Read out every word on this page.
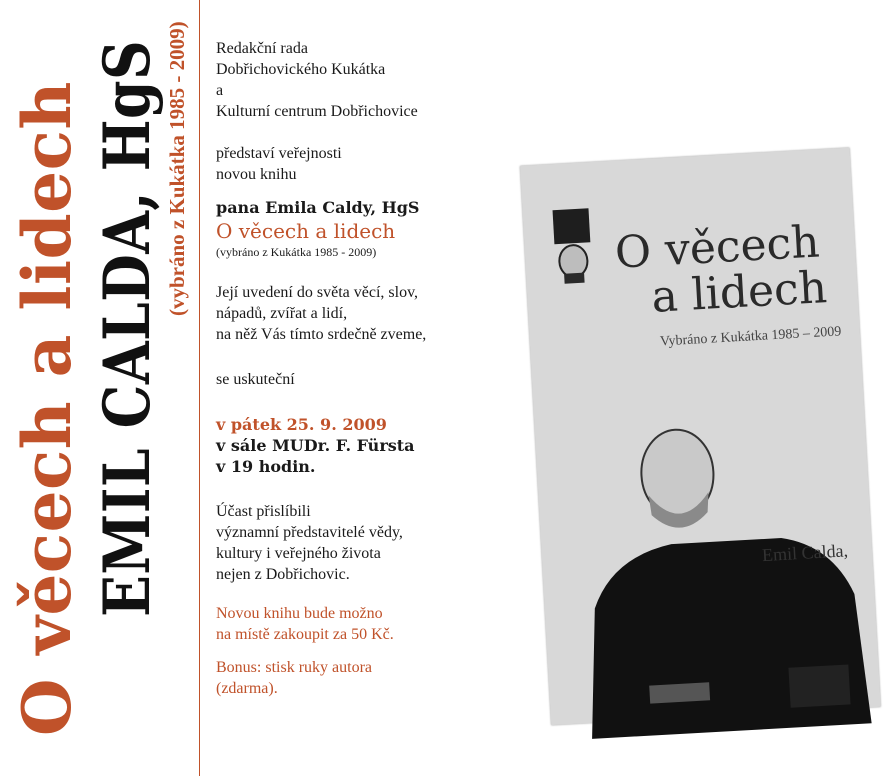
O věcech a lidech EMIL CALDA, HgS (vybráno z Kukátka 1985 - 2009) Redakční rada

Dobřichovického Kukátka

a

Kulturní centrum Dobřichovice

představí veřejnosti

novou knihu

pana Emila Caldy, HgS

O věcech a lidech

(vybráno z Kukátka 1985 - 2009)

Její uvedení do světa věcí, slov,

nápadů, zvířat a lidí,

na něž Vás tímto srdečně zveme,

se uskuteční

v pátek 25. 9. 2009

v sále MUDr. F. Fürsta

v 19 hodin.

Účast přislíbili

významní představitelé vědy,

kultury i veřejného života

nejen z Dobřichovic.

Novou knihu bude možno

na místě zakoupit za 50 Kč.

Bonus: stisk ruky autora

(zdarma).

O věcech
a lidech
Vybráno z Kukátka 1985 – 2009
Emil Calda,
